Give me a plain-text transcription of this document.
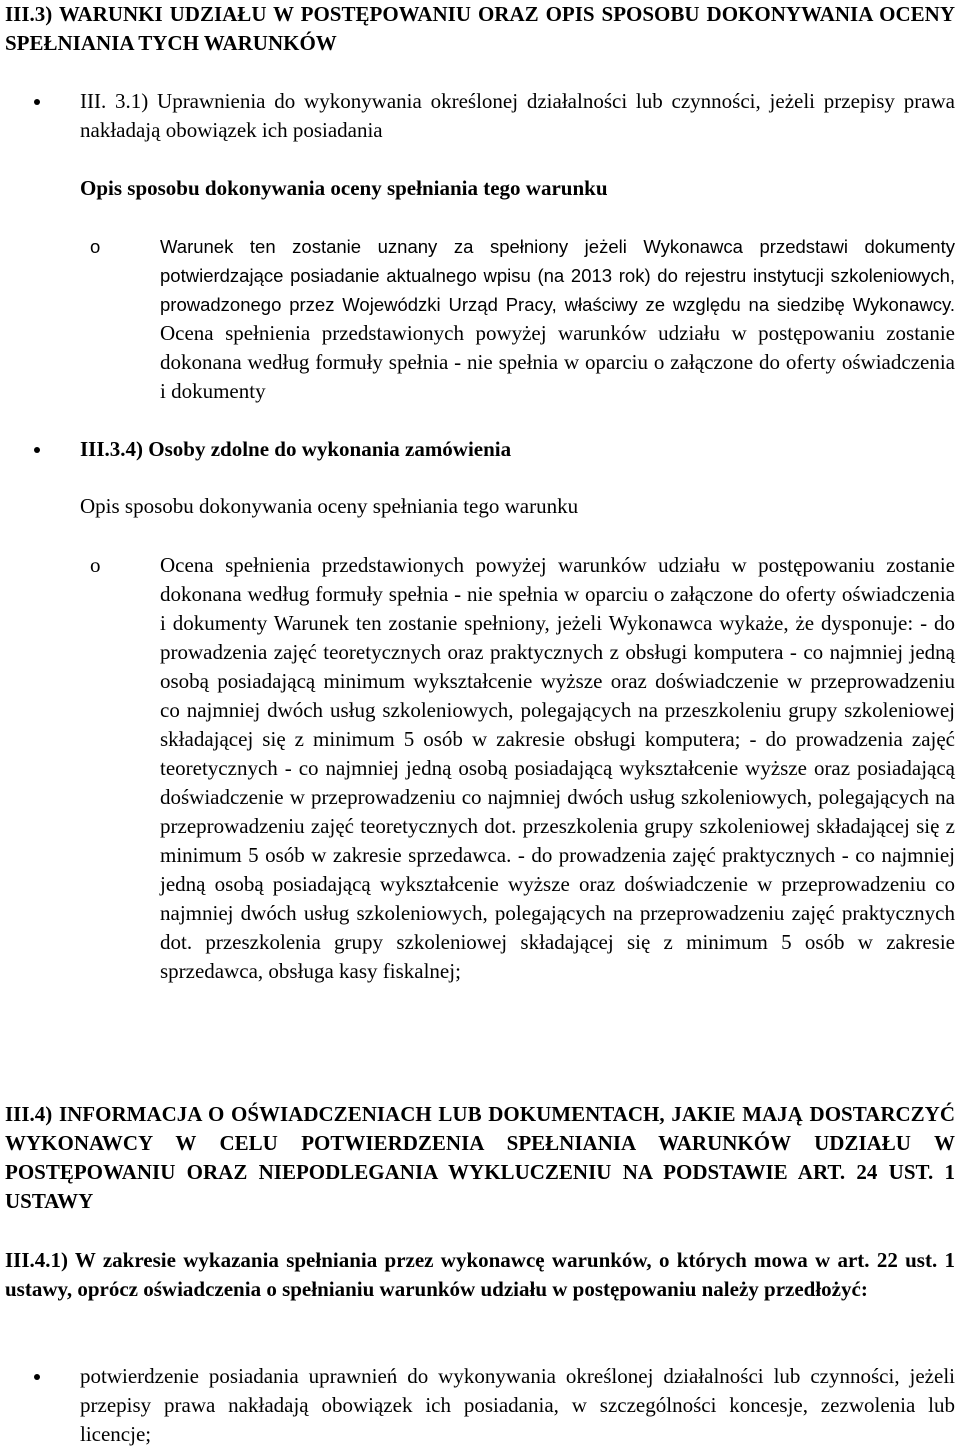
III.3) WARUNKI UDZIAŁU W POSTĘPOWANIU ORAZ OPIS SPOSOBU DOKONYWANIA OCENY SPEŁNIANIA TYCH WARUNKÓW
III. 3.1) Uprawnienia do wykonywania określonej działalności lub czynności, jeżeli przepisy prawa nakładają obowiązek ich posiadania
Opis sposobu dokonywania oceny spełniania tego warunku
o	Warunek ten zostanie uznany za spełniony jeżeli Wykonawca przedstawi dokumenty potwierdzające posiadanie aktualnego wpisu (na 2013 rok) do rejestru instytucji szkoleniowych, prowadzonego przez Wojewódzki Urząd Pracy, właściwy ze względu na siedzibę Wykonawcy. Ocena spełnienia przedstawionych powyżej warunków udziału w postępowaniu zostanie dokonana według formuły spełnia - nie spełnia w oparciu o załączone do oferty oświadczenia i dokumenty
III.3.4) Osoby zdolne do wykonania zamówienia
Opis sposobu dokonywania oceny spełniania tego warunku
o	Ocena spełnienia przedstawionych powyżej warunków udziału w postępowaniu zostanie dokonana według formuły spełnia - nie spełnia w oparciu o załączone do oferty oświadczenia i dokumenty Warunek ten zostanie spełniony, jeżeli Wykonawca wykaże, że dysponuje: - do prowadzenia zajęć teoretycznych oraz praktycznych z obsługi komputera - co najmniej jedną osobą posiadającą minimum wykształcenie wyższe oraz doświadczenie w przeprowadzeniu co najmniej dwóch usług szkoleniowych, polegających na przeszkoleniu grupy szkoleniowej składającej się z minimum 5 osób w zakresie obsługi komputera; - do prowadzenia zajęć teoretycznych - co najmniej jedną osobą posiadającą wykształcenie wyższe oraz posiadającą doświadczenie w przeprowadzeniu co najmniej dwóch usług szkoleniowych, polegających na przeprowadzeniu zajęć teoretycznych dot. przeszkolenia grupy szkoleniowej składającej się z minimum 5 osób w zakresie sprzedawca. - do prowadzenia zajęć praktycznych - co najmniej jedną osobą posiadającą wykształcenie wyższe oraz doświadczenie w przeprowadzeniu co najmniej dwóch usług szkoleniowych, polegających na przeprowadzeniu zajęć praktycznych dot. przeszkolenia grupy szkoleniowej składającej się z minimum 5 osób w zakresie sprzedawca, obsługa kasy fiskalnej;
III.4) INFORMACJA O OŚWIADCZENIACH LUB DOKUMENTACH, JAKIE MAJĄ DOSTARCZYĆ WYKONAWCY W CELU POTWIERDZENIA SPEŁNIANIA WARUNKÓW UDZIAŁU W POSTĘPOWANIU ORAZ NIEPODLEGANIA WYKLUCZENIU NA PODSTAWIE ART. 24 UST. 1 USTAWY
III.4.1) W zakresie wykazania spełniania przez wykonawcę warunków, o których mowa w art. 22 ust. 1 ustawy, oprócz oświadczenia o spełnianiu warunków udziału w postępowaniu należy przedłożyć:
potwierdzenie posiadania uprawnień do wykonywania określonej działalności lub czynności, jeżeli przepisy prawa nakładają obowiązek ich posiadania, w szczególności koncesje, zezwolenia lub licencje;
